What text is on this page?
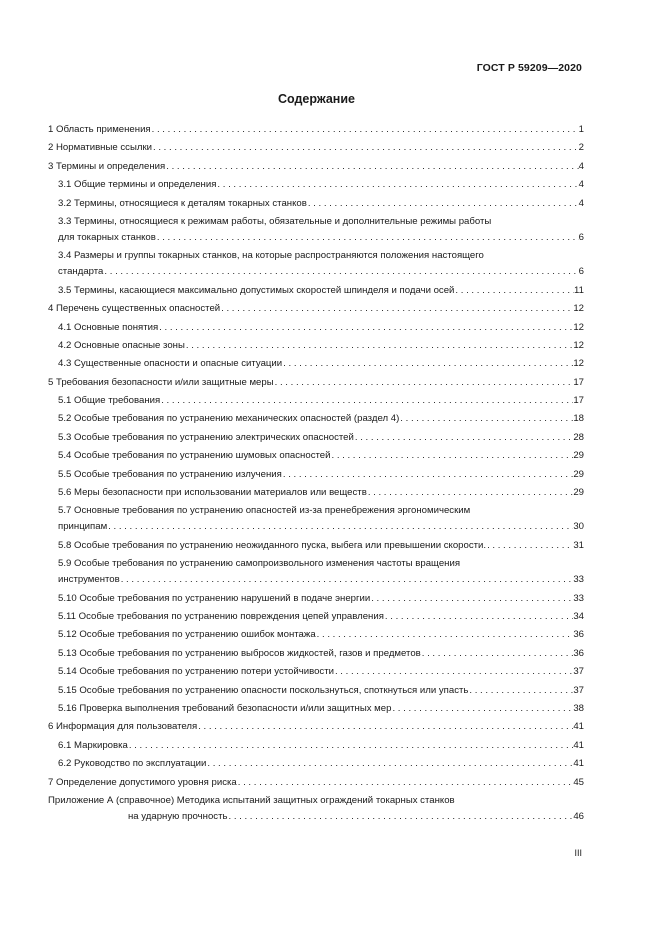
ГОСТ Р 59209—2020
Содержание
1 Область применения . . .	1
2 Нормативные ссылки . . .	2
3 Термины и определения . . .	4
3.1 Общие термины и определения . . .	4
3.2 Термины, относящиеся к деталям токарных станков . . .	4
3.3 Термины, относящиеся к режимам работы, обязательные и дополнительные режимы работы
для токарных станков . . .	6
3.4 Размеры и группы токарных станков, на которые распространяются положения настоящего
стандарта . . .	6
3.5 Термины, касающиеся максимально допустимых скоростей шпинделя и подачи осей . . .	11
4 Перечень существенных опасностей . . .	12
4.1 Основные понятия . . .	12
4.2 Основные опасные зоны . . .	12
4.3 Существенные опасности и опасные ситуации . . .	12
5 Требования безопасности и/или защитные меры . . .	17
5.1 Общие требования . . .	17
5.2 Особые требования по устранению механических опасностей (раздел 4) . . .	18
5.3 Особые требования по устранению электрических опасностей . . .	28
5.4 Особые требования по устранению шумовых опасностей . . .	29
5.5 Особые требования по устранению излучения . . .	29
5.6 Меры безопасности при использовании материалов или веществ . . .	29
5.7 Основные требования по устранению опасностей из-за пренебрежения эргономическим
принципам . . .	30
5.8 Особые требования по устранению неожиданного пуска, выбега или превышении скорости. . . .	31
5.9 Особые требования по устранению самопроизвольного изменения частоты вращения
инструментов . . .	33
5.10 Особые требования по устранению нарушений в подаче энергии . . .	33
5.11 Особые требования по устранению повреждения цепей управления . . .	34
5.12 Особые требования по устранению ошибок монтажа . . .	36
5.13 Особые требования по устранению выбросов жидкостей, газов и предметов . . .	36
5.14 Особые требования по устранению потери устойчивости . . .	37
5.15 Особые требования по устранению опасности поскользнуться, споткнуться или упасть . . .	37
5.16 Проверка выполнения требований безопасности и/или защитных мер . . .	38
6 Информация для пользователя . . .	41
6.1 Маркировка . . .	41
6.2 Руководство по эксплуатации . . .	41
7 Определение допустимого уровня риска . . .	45
Приложение А (справочное) Методика испытаний защитных ограждений токарных станков
на ударную прочность . . .	46
III
